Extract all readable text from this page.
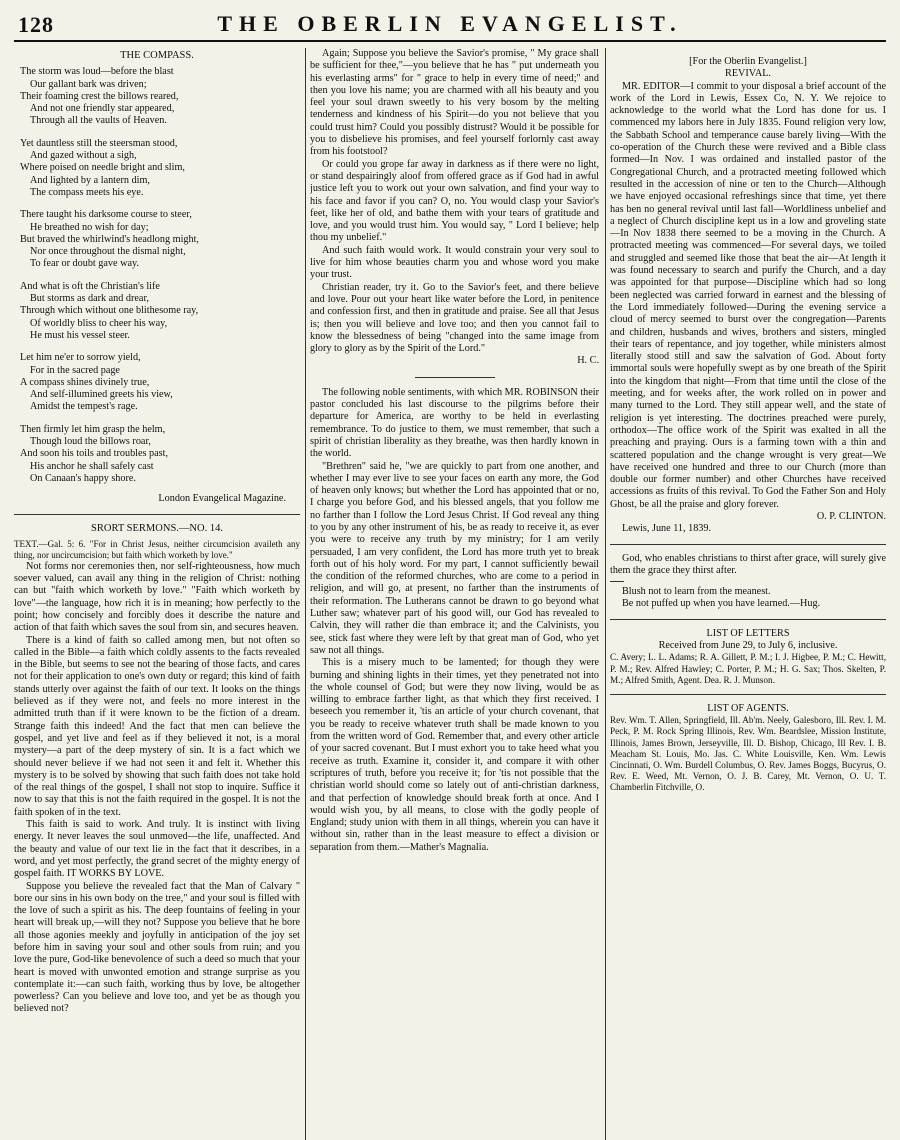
128	THE OBERLIN EVANGELIST.
THE COMPASS.
The storm was loud—before the blast
Our gallant bark was driven;
Their foaming crest the billows reared,
And not one friendly star appeared,
Through all the vaults of Heaven.
Yet dauntless still the steersman stood,
And gazed without a sigh,
Where poised on needle bright and slim,
And lighted by a lantern dim,
The compass meets his eye.
There taught his darksome course to steer,
He breathed no wish for day;
But braved the whirlwind's headlong might,
Nor once throughout the dismal night,
To fear or doubt gave way.
And what is oft the Christian's life
But storms as dark and drear,
Through which without one blithesome ray,
Of worldly bliss to cheer his way,
He must his vessel steer.
Let him ne'er to sorrow yield,
For in the sacred page
A compass shines divinely true,
And self-illumined greets his view,
Amidst the tempest's rage.
Then firmly let him grasp the helm,
Though loud the billows roar,
And soon his toils and troubles past,
His anchor he shall safely cast
On Canaan's happy shore.

London Evangelical Magazine.

SRORT SERMONS.—NO. 14.

TEXT.—Gal. 5: 6. "For in Christ Jesus, neither circumcision availeth any thing, nor uncircumcision; but faith which worketh by love."

Not forms nor ceremonies then, nor self-righteousness, how much soever valued, can avail any thing in the religion of Christ: nothing can but "faith which worketh by love." "Faith which worketh by love"—the language, how rich it is in meaning; how perfectly to the point; how concisely and forcibly does it describe the nature and action of that faith which saves the soul from sin, and secures heaven.

There is a kind of faith so called among men, but not often so called in the Bible—a faith which coldly assents to the facts revealed in the Bible, but seems to see not the bearing of those facts, and cares not for their application to one's own duty or regard; this kind of faith stands utterly over against the faith of our text. It looks on the things believed as if they were not, and feels no more interest in the admitted truth than if it were known to be the fiction of a dream. Strange faith this indeed! And the fact that men can believe the gospel, and yet live and feel as if they believed it not, is a moral mystery—a part of the deep mystery of sin. It is a fact which we should never believe if we had not seen it and felt it. Whether this mystery is to be solved by showing that such faith does not take hold of the real things of the gospel, I shall not stop to inquire. Suffice it now to say that this is not the faith required in the gospel. It is not the faith spoken of in the text.

This faith is said to work. And truly. It is instinct with living energy. It never leaves the soul unmoved—the life, unaffected. And the beauty and value of our text lie in the fact that it describes, in a word, and yet most perfectly, the grand secret of the mighty energy of gospel faith. IT WORKS BY LOVE.

Suppose you believe the revealed fact that the Man of Calvary " bore our sins in his own body on the tree," and your soul is filled with the love of such a spirit as his. The deep fountains of feeling in your heart will break up,—will they not? Suppose you believe that he bore all those agonies meekly and joyfully in anticipation of the joy set before him in saving your soul and other souls from ruin; and you love the pure, God-like benevolence of such a deed so much that your heart is moved with unwonted emotion and strange surprise as you contemplate it:—can such faith, working thus by love, be altogether powerless? Can you believe and love too, and yet be as though you believed not?

Again; Suppose you believe the Savior's promise, " My grace shall be sufficient for thee,"—you believe that he has " put underneath you his everlasting arms" for " grace to help in every time of need;" and then you love his name; you are charmed with all his beauty and you feel your soul drawn sweetly to his very bosom by the melting tenderness and kindness of his Spirit—do you not believe that you could trust him? Could you possibly distrust? Would it be possible for you to disbelieve his promises, and feel yourself forlornly cast away from his footstool?

Or could you grope far away in darkness as if there were no light, or stand despairingly aloof from offered grace as if God had in awful justice left you to work out your own salvation, and find your way to his face and favor if you can? O, no. You would clasp your Savior's feet, like her of old, and bathe them with your tears of gratitude and love, and you would trust him. You would say, " Lord I believe; help thou my unbelief."

And such faith would work. It would constrain your very soul to live for him whose beauties charm you and whose word you make your trust.

Christian reader, try it. Go to the Savior's feet, and there believe and love. Pour out your heart like water before the Lord, in penitence and confession first, and then in gratitude and praise. See all that Jesus is; then you will believe and love too; and then you cannot fail to know the blessedness of being "changed into the same image from glory to glory as by the Spirit of the Lord."

H. C.

The following noble sentiments, with which MR. ROBINSON their pastor concluded his last discourse to the pilgrims before their departure for America, are worthy to be held in everlasting remembrance. To do justice to them, we must remember, that such a spirit of christian liberality as they breathe, was then hardly known in the world.

"Brethren" said he, "we are quickly to part from one another, and whether I may ever live to see your faces on earth any more, the God of heaven only knows; but whether the Lord has appointed that or no, I charge you before God, and his blessed angels, that you follow me no farther than I follow the Lord Jesus Christ. If God reveal any thing to you by any other instrument of his, be as ready to receive it, as ever you were to receive any truth by my ministry; for I am verily persuaded, I am very confident, the Lord has more truth yet to break forth out of his holy word. For my part, I cannot sufficiently bewail the condition of the reformed churches, who are come to a period in religion, and will go, at present, no farther than the instruments of their reformation. The Lutherans cannot be drawn to go beyond what Luther saw; whatever part of his good will, our God has revealed to Calvin, they will rather die than embrace it; and the Calvinists, you see, stick fast where they were left by that great man of God, who yet saw not all things.

This is a misery much to be lamented; for though they were burning and shining lights in their times, yet they penetrated not into the whole counsel of God; but were they now living, would be as willing to embrace farther light, as that which they first received. I beseech you remember it, 'tis an article of your church covenant, that you be ready to receive whatever truth shall be made known to you from the written word of God. Remember that, and every other article of your sacred covenant. But I must exhort you to take heed what you receive as truth. Examine it, consider it, and compare it with other scriptures of truth, before you receive it; for 'tis not possible that the christian world should come so lately out of anti-christian darkness, and that perfection of knowledge should break forth at once. And I would wish you, by all means, to close with the godly people of England; study union with them in all things, wherein you can have it without sin, rather than in the least measure to effect a division or separation from them.—Mather's Magnalia.

[For the Oberlin Evangelist.]
REVIVAL.

MR. EDITOR—I commit to your disposal a brief account of the work of the Lord in Lewis, Essex Co, N. Y. We rejoice to acknowledge to the world what the Lord has done for us. I commenced my labors here in July 1835. Found religion very low, the Sabbath School and temperance cause barely living—With the co-operation of the Church these were revived and a Bible class formed—In Nov. I was ordained and installed pastor of the Congregational Church, and a protracted meeting followed which resulted in the accession of nine or ten to the Church—Although we have enjoyed occasional refreshings since that time, yet there has ben no general revival until last fall—Worldliness unbelief and a neglect of Church discipline kept us in a low and groveling state—In Nov 1838 there seemed to be a moving in the Church. A protracted meeting was commenced—For several days, we toiled and struggled and seemed like those that beat the air—At length it was found necessary to search and purify the Church, and a day was appointed for that purpose—Discipline which had so long been neglected was carried forward in earnest and the blessing of the Lord immediately followed—During the evening service a cloud of mercy seemed to burst over the congregation—Parents and children, husbands and wives, brothers and sisters, mingled their tears of repentance, and joy together, while ministers almost literally stood still and saw the salvation of God. About forty immortal souls were hopefully swept as by one breath of the Spirit into the kingdom that night—From that time until the close of the meeting, and for weeks after, the work rolled on in power and many turned to the Lord. They still appear well, and the state of religion is yet interesting. The doctrines preached were purely, orthodox—The office work of the Spirit was exalted in all the preaching and praying. Ours is a farming town with a thin and scattered population and the change wrought is very great—We have received one hundred and three to our Church (more than double our former number) and other Churches have received accessions as fruits of this revival. To God the Father Son and Holy Ghost, be all the praise and glory forever.

O. P. CLINTON.

Lewis, June 11, 1839.

God, who enables christians to thirst after grace, will surely give them the grace they thirst after.

Blush not to learn from the meanest.

Be not puffed up when you have learned.—Hug.

LIST OF LETTERS
Received from June 29, to July 6, inclusive.

C. Avery; L. L. Adams; R. A. Gillett, P. M.; I. J. Higbee, P. M.; C. Hewitt, P. M.; Rev. Alfred Hawley; C. Porter, P. M.; H. G. Sax; Thos. Skelten, P. M.; Alfred Smith, Agent. Dea. R. J. Munson.

LIST OF AGENTS.

Rev. Wm. T. Allen, Springfield, Ill. Ab'm. Neely, Galesboro, Ill. Rev. I. M. Peck, P. M. Rock Spring Illinois, Rev. Wm. Beardslee, Mission Institute, Illinois, James Brown, Jerseyville, Ill. D. Bishop, Chicago, Ill Rev. I. B. Meacham St. Louis, Mo. Jas. C. White Louisville, Ken. Wm. Lewis Cincinnati, O. Wm. Burdell Columbus, O. Rev. James Boggs, Bucyrus, O. Rev. E. Weed, Mt. Vernon, O. J. B. Carey, Mt. Vernon, O. U. T. Chamberlin Fitchville, O.
